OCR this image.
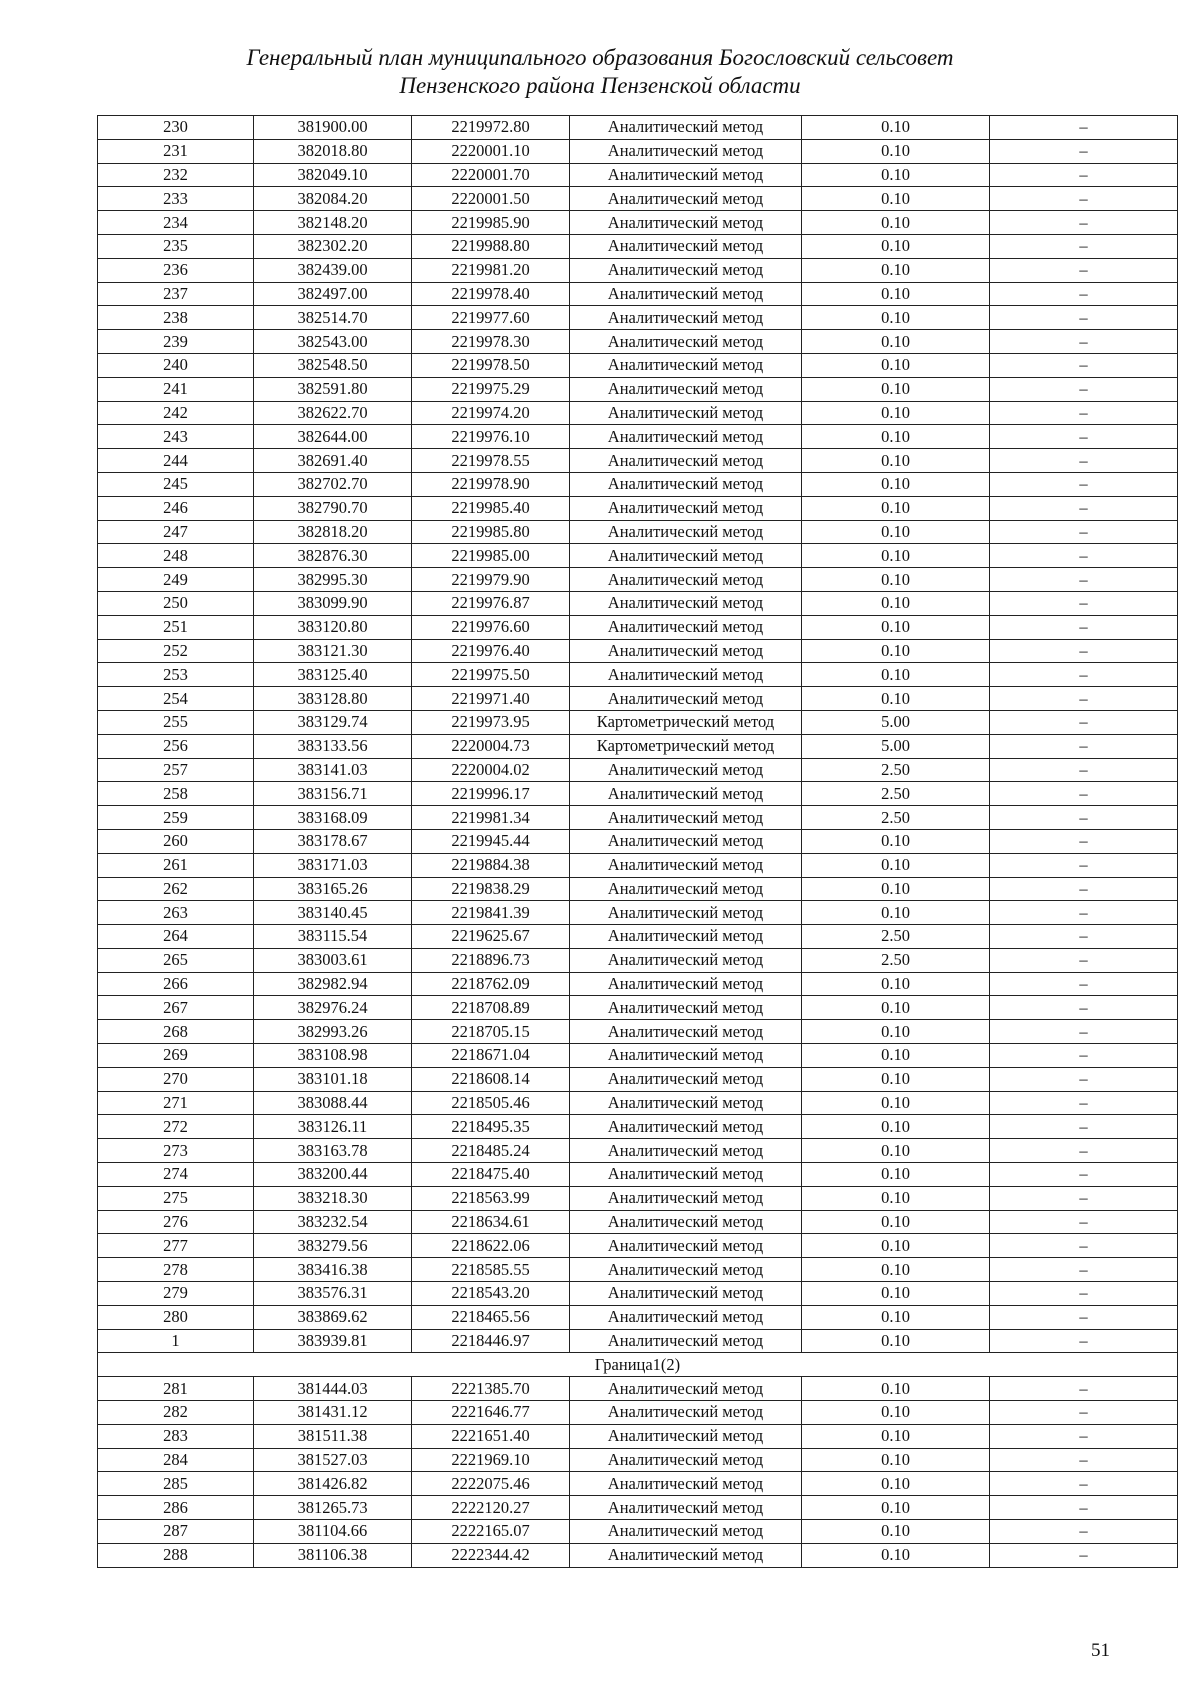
Генеральный план муниципального образования Богословский сельсовет
Пензенского района Пензенской области
230	381900.00	2219972.80	Аналитический метод	0.10	–
231	382018.80	2220001.10	Аналитический метод	0.10	–
232	382049.10	2220001.70	Аналитический метод	0.10	–
233	382084.20	2220001.50	Аналитический метод	0.10	–
234	382148.20	2219985.90	Аналитический метод	0.10	–
235	382302.20	2219988.80	Аналитический метод	0.10	–
236	382439.00	2219981.20	Аналитический метод	0.10	–
237	382497.00	2219978.40	Аналитический метод	0.10	–
238	382514.70	2219977.60	Аналитический метод	0.10	–
239	382543.00	2219978.30	Аналитический метод	0.10	–
240	382548.50	2219978.50	Аналитический метод	0.10	–
241	382591.80	2219975.29	Аналитический метод	0.10	–
242	382622.70	2219974.20	Аналитический метод	0.10	–
243	382644.00	2219976.10	Аналитический метод	0.10	–
244	382691.40	2219978.55	Аналитический метод	0.10	–
245	382702.70	2219978.90	Аналитический метод	0.10	–
246	382790.70	2219985.40	Аналитический метод	0.10	–
247	382818.20	2219985.80	Аналитический метод	0.10	–
248	382876.30	2219985.00	Аналитический метод	0.10	–
249	382995.30	2219979.90	Аналитический метод	0.10	–
250	383099.90	2219976.87	Аналитический метод	0.10	–
251	383120.80	2219976.60	Аналитический метод	0.10	–
252	383121.30	2219976.40	Аналитический метод	0.10	–
253	383125.40	2219975.50	Аналитический метод	0.10	–
254	383128.80	2219971.40	Аналитический метод	0.10	–
255	383129.74	2219973.95	Картометрический метод	5.00	–
256	383133.56	2220004.73	Картометрический метод	5.00	–
257	383141.03	2220004.02	Аналитический метод	2.50	–
258	383156.71	2219996.17	Аналитический метод	2.50	–
259	383168.09	2219981.34	Аналитический метод	2.50	–
260	383178.67	2219945.44	Аналитический метод	0.10	–
261	383171.03	2219884.38	Аналитический метод	0.10	–
262	383165.26	2219838.29	Аналитический метод	0.10	–
263	383140.45	2219841.39	Аналитический метод	0.10	–
264	383115.54	2219625.67	Аналитический метод	2.50	–
265	383003.61	2218896.73	Аналитический метод	2.50	–
266	382982.94	2218762.09	Аналитический метод	0.10	–
267	382976.24	2218708.89	Аналитический метод	0.10	–
268	382993.26	2218705.15	Аналитический метод	0.10	–
269	383108.98	2218671.04	Аналитический метод	0.10	–
270	383101.18	2218608.14	Аналитический метод	0.10	–
271	383088.44	2218505.46	Аналитический метод	0.10	–
272	383126.11	2218495.35	Аналитический метод	0.10	–
273	383163.78	2218485.24	Аналитический метод	0.10	–
274	383200.44	2218475.40	Аналитический метод	0.10	–
275	383218.30	2218563.99	Аналитический метод	0.10	–
276	383232.54	2218634.61	Аналитический метод	0.10	–
277	383279.56	2218622.06	Аналитический метод	0.10	–
278	383416.38	2218585.55	Аналитический метод	0.10	–
279	383576.31	2218543.20	Аналитический метод	0.10	–
280	383869.62	2218465.56	Аналитический метод	0.10	–
1	383939.81	2218446.97	Аналитический метод	0.10	–
Граница1(2)					
281	381444.03	2221385.70	Аналитический метод	0.10	–
282	381431.12	2221646.77	Аналитический метод	0.10	–
283	381511.38	2221651.40	Аналитический метод	0.10	–
284	381527.03	2221969.10	Аналитический метод	0.10	–
285	381426.82	2222075.46	Аналитический метод	0.10	–
286	381265.73	2222120.27	Аналитический метод	0.10	–
287	381104.66	2222165.07	Аналитический метод	0.10	–
288	381106.38	2222344.42	Аналитический метод	0.10	–
51
